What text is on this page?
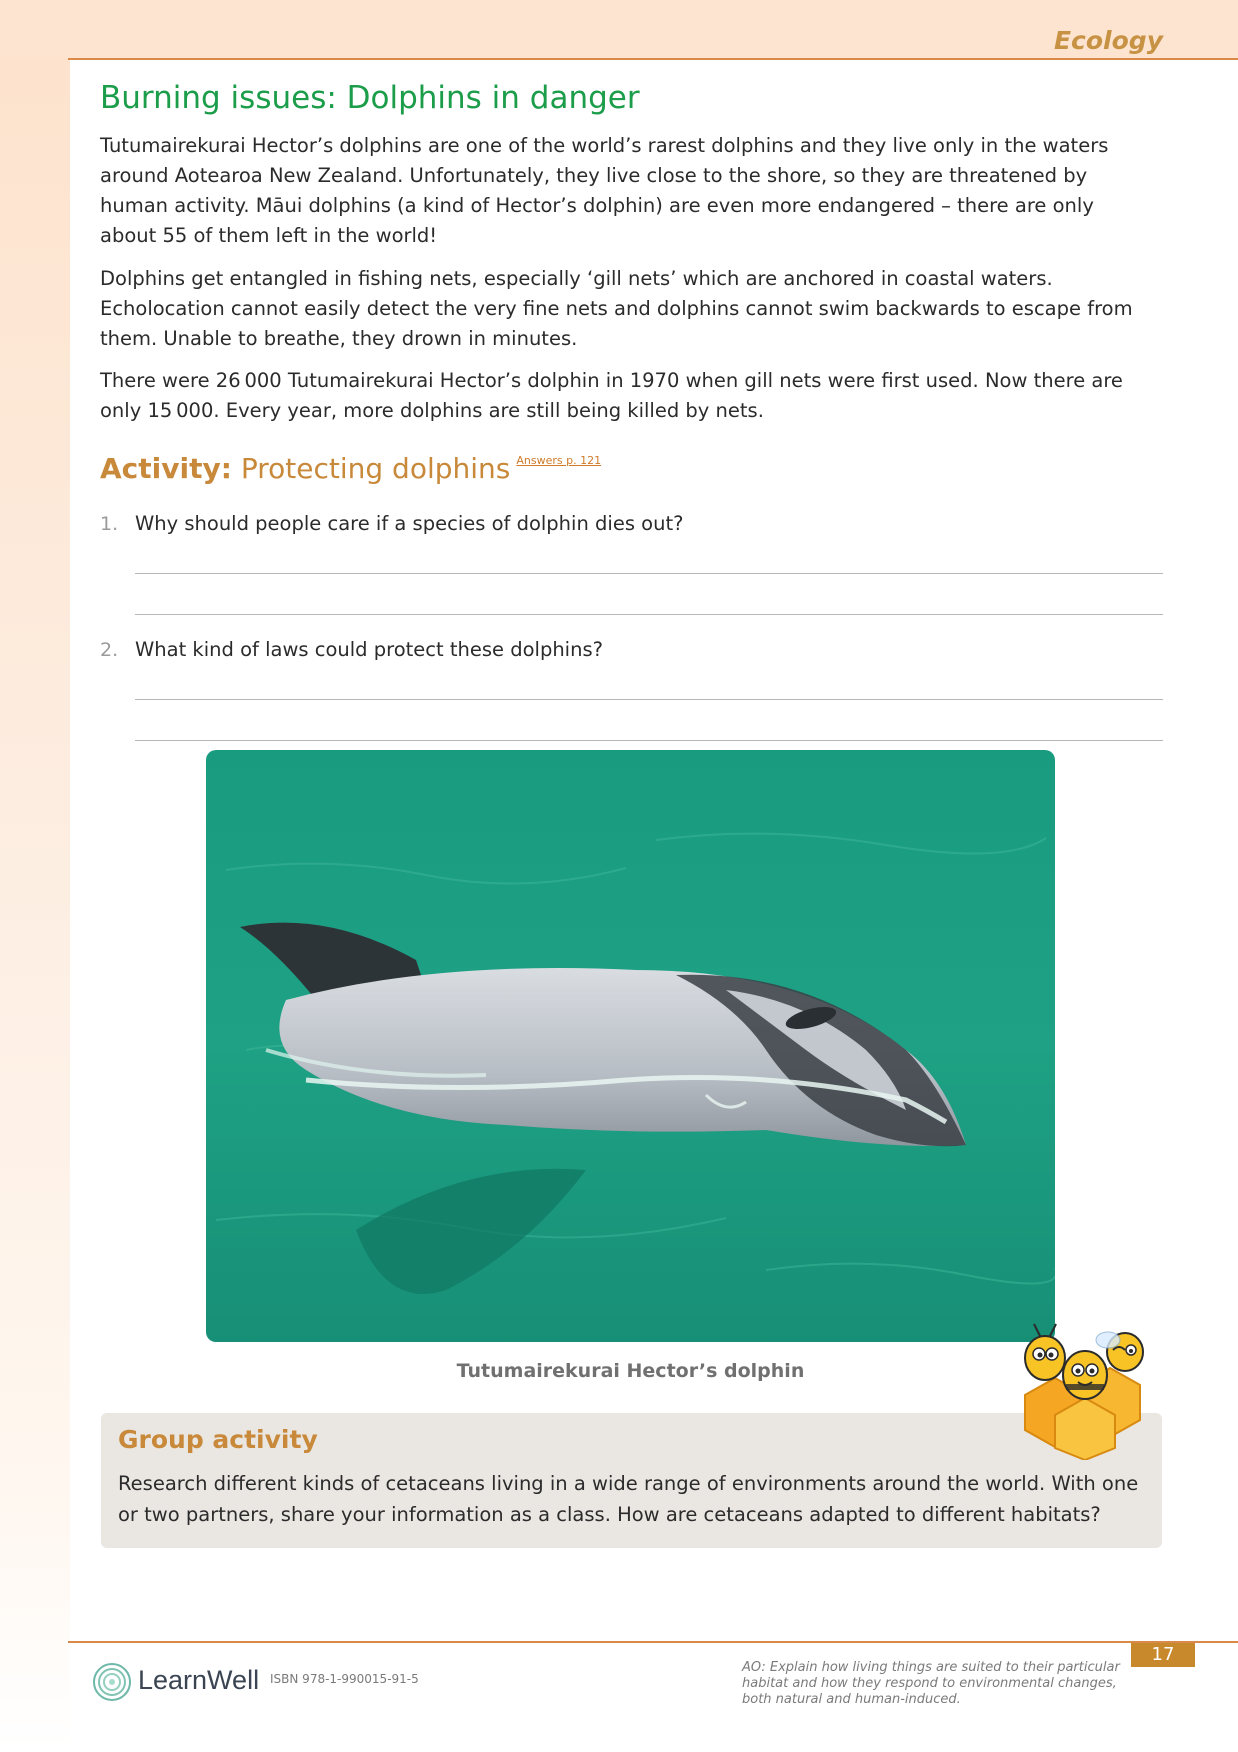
Ecology
Burning issues: Dolphins in danger

Tutumairekurai Hector’s dolphins are one of the world’s rarest dolphins and they live only in the waters around Aotearoa New Zealand. Unfortunately, they live close to the shore, so they are threatened by human activity. Māui dolphins (a kind of Hector’s dolphin) are even more endangered – there are only about 55 of them left in the world!

Dolphins get entangled in fishing nets, especially ‘gill nets’ which are anchored in coastal waters. Echolocation cannot easily detect the very fine nets and dolphins cannot swim backwards to escape from them. Unable to breathe, they drown in minutes.

There were 26 000 Tutumairekurai Hector’s dolphin in 1970 when gill nets were first used. Now there are only 15 000. Every year, more dolphins are still being killed by nets.

Activity: Protecting dolphins $^{Answers p. 121}$
1. Why should people care if a species of dolphin dies out?
2. What kind of laws could protect these dolphins?
Tutumairekurai Hector’s dolphin
Group activity

Research different kinds of cetaceans living in a wide range of environments around the world. With one or two partners, share your information as a class. How are cetaceans adapted to different habitats?

17
LearnWell ISBN 978-1-990015-91-5

AO: Explain how living things are suited to their particular habitat and how they respond to environmental changes, both natural and human-induced.
